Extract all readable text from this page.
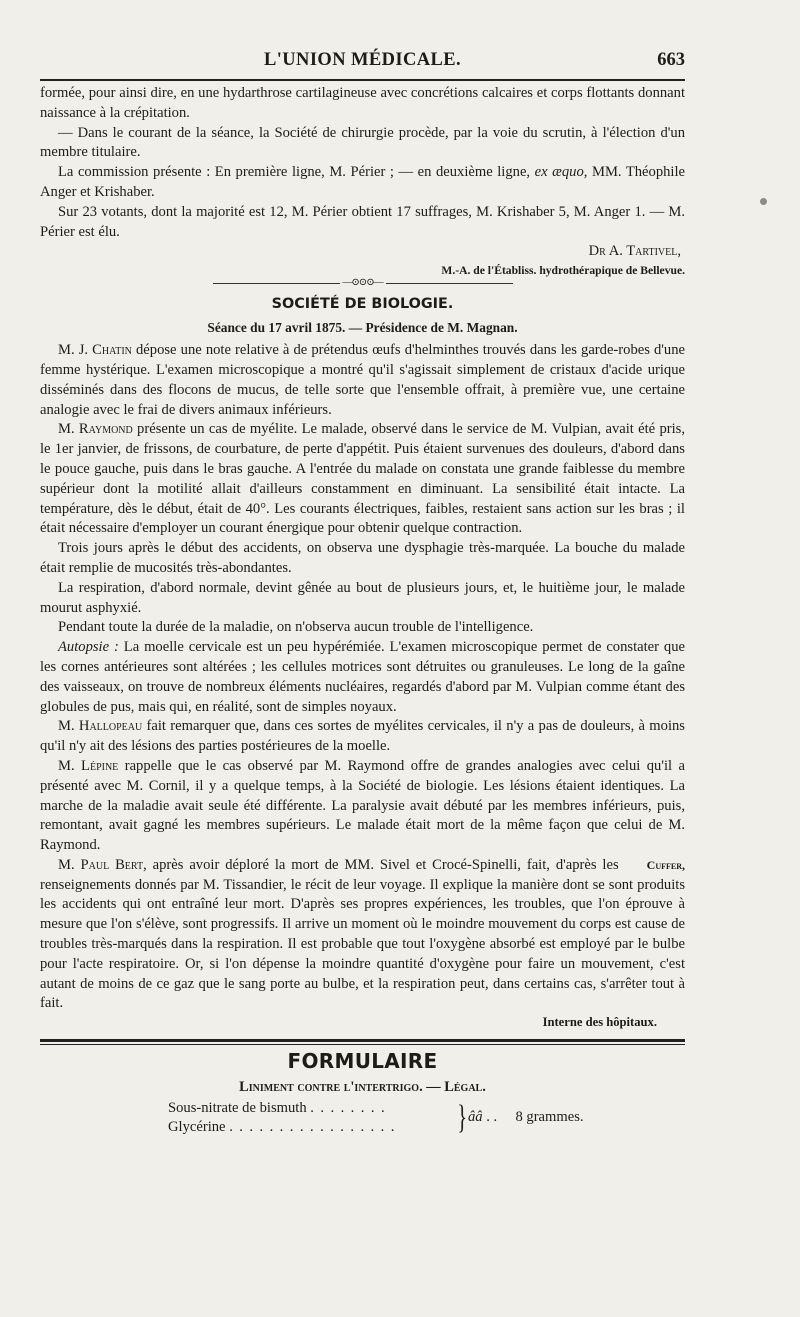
L'UNION MÉDICALE.	663

formée, pour ainsi dire, en une hydarthrose cartilagineuse avec concrétions calcaires et corps flottants donnant naissance à la crépitation.

— Dans le courant de la séance, la Société de chirurgie procède, par la voie du scrutin, à l'élection d'un membre titulaire.

La commission présente : En première ligne, M. Périer ; — en deuxième ligne, ex æquo, MM. Théophile Anger et Krishaber.

Sur 23 votants, dont la majorité est 12, M. Périer obtient 17 suffrages, M. Krishaber 5, M. Anger 1. — M. Périer est élu.

Dr A. Tartivel,

M.-A. de l'Établiss. hydrothérapique de Bellevue.

—⊙⊙⊙—
SOCIÉTÉ DE BIOLOGIE.
Séance du 17 avril 1875. — Présidence de M. Magnan.

M. J. Chatin dépose une note relative à de prétendus œufs d'helminthes trouvés dans les garde-robes d'une femme hystérique. L'examen microscopique a montré qu'il s'agissait simplement de cristaux d'acide urique disséminés dans des flocons de mucus, de telle sorte que l'ensemble offrait, à première vue, une certaine analogie avec le frai de divers animaux inférieurs.

M. Raymond présente un cas de myélite. Le malade, observé dans le service de M. Vulpian, avait été pris, le 1er janvier, de frissons, de courbature, de perte d'appétit. Puis étaient survenues des douleurs, d'abord dans le pouce gauche, puis dans le bras gauche. A l'entrée du malade on constata une grande faiblesse du membre supérieur dont la motilité allait d'ailleurs constamment en diminuant. La sensibilité était intacte. La température, dès le début, était de 40°. Les courants électriques, faibles, restaient sans action sur les bras ; il était nécessaire d'employer un courant énergique pour obtenir quelque contraction.

Trois jours après le début des accidents, on observa une dysphagie très-marquée. La bouche du malade était remplie de mucosités très-abondantes.

La respiration, d'abord normale, devint gênée au bout de plusieurs jours, et, le huitième jour, le malade mourut asphyxié.

Pendant toute la durée de la maladie, on n'observa aucun trouble de l'intelligence.

Autopsie : La moelle cervicale est un peu hypérémiée. L'examen microscopique permet de constater que les cornes antérieures sont altérées ; les cellules motrices sont détruites ou granuleuses. Le long de la gaîne des vaisseaux, on trouve de nombreux éléments nucléaires, regardés d'abord par M. Vulpian comme étant des globules de pus, mais qui, en réalité, sont de simples noyaux.

M. Hallopeau fait remarquer que, dans ces sortes de myélites cervicales, il n'y a pas de douleurs, à moins qu'il n'y ait des lésions des parties postérieures de la moelle.

M. Lépine rappelle que le cas observé par M. Raymond offre de grandes analogies avec celui qu'il a présenté avec M. Cornil, il y a quelque temps, à la Société de biologie. Les lésions étaient identiques. La marche de la maladie avait seule été différente. La paralysie avait débuté par les membres inférieurs, puis, remontant, avait gagné les membres supérieurs. Le malade était mort de la même façon que celui de M. Raymond.

Cuffer,
M. Paul Bert, après avoir déploré la mort de MM. Sivel et Crocé-Spinelli, fait, d'après les renseignements donnés par M. Tissandier, le récit de leur voyage. Il explique la manière dont se sont produits les accidents qui ont entraîné leur mort. D'après ses propres expériences, les troubles, que l'on éprouve à mesure que l'on s'élève, sont progressifs. Il arrive un moment où le moindre mouvement du corps est cause de troubles très-marqués dans la respiration. Il est probable que tout l'oxygène absorbé est employé par le bulbe pour l'acte respiratoire. Or, si l'on dépense la moindre quantité d'oxygène pour faire un mouvement, c'est autant de moins de ce gaz que le sang porte au bulbe, et la respiration peut, dans certains cas, s'arrêter tout à fait.

Interne des hôpitaux.

FORMULAIRE
Liniment contre l'intertrigo. — Légal.
Sous-nitrate de bismuth . . . . . . . .
Glycérine . . . . . . . . . . . . . . . . . } ââ . . 8 grammes.
